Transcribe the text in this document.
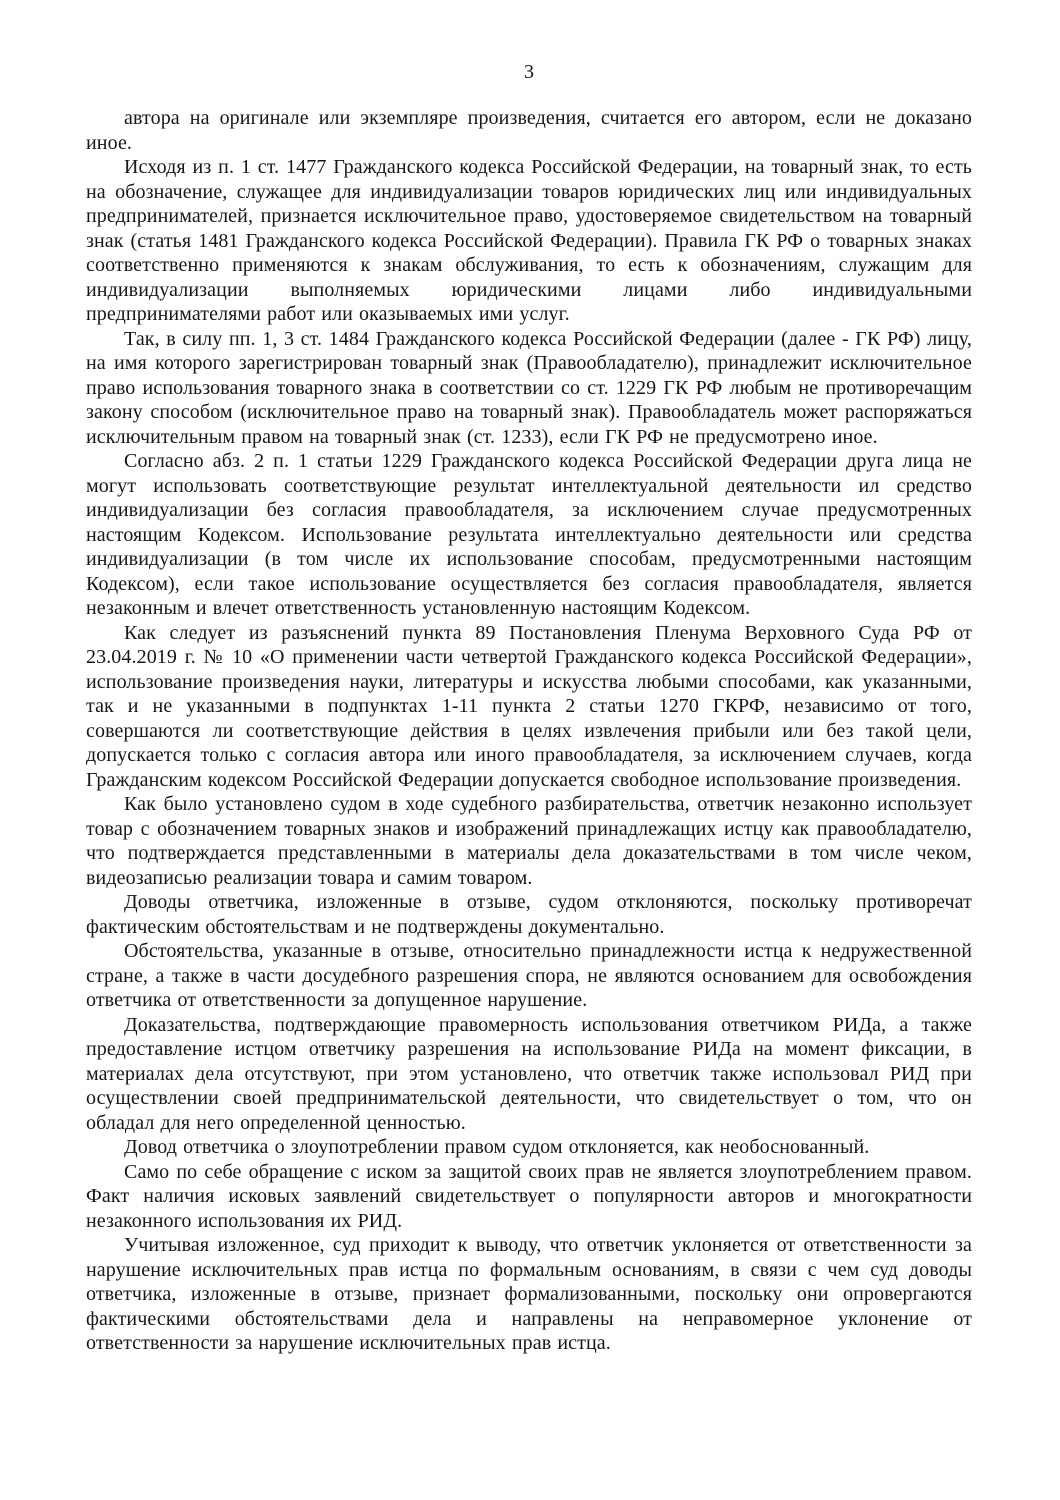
3

автора на оригинале или экземпляре произведения, считается его автором, если не доказано иное.

Исходя из п. 1 ст. 1477 Гражданского кодекса Российской Федерации, на товарный знак, то есть на обозначение, служащее для индивидуализации товаров юридических лиц или индивидуальных предпринимателей, признается исключительное право, удостоверяемое свидетельством на товарный знак (статья 1481 Гражданского кодекса Российской Федерации). Правила ГК РФ о товарных знаках соответственно применяются к знакам обслуживания, то есть к обозначениям, служащим для индивидуализации выполняемых юридическими лицами либо индивидуальными предпринимателями работ или оказываемых ими услуг.

Так, в силу пп. 1, 3 ст. 1484 Гражданского кодекса Российской Федерации (далее - ГК РФ) лицу, на имя которого зарегистрирован товарный знак (Правообладателю), принадлежит исключительное право использования товарного знака в соответствии со ст. 1229 ГК РФ любым не противоречащим закону способом (исключительное право на товарный знак). Правообладатель может распоряжаться исключительным правом на товарный знак (ст. 1233), если ГК РФ не предусмотрено иное.

Согласно абз. 2 п. 1 статьи 1229 Гражданского кодекса Российской Федерации друга лица не могут использовать соответствующие результат интеллектуальной деятельности ил средство индивидуализации без согласия правообладателя, за исключением случае предусмотренных настоящим Кодексом. Использование результата интеллектуально деятельности или средства индивидуализации (в том числе их использование способам, предусмотренными настоящим Кодексом), если такое использование осуществляется без согласия правообладателя, является незаконным и влечет ответственность установленную настоящим Кодексом.

Как следует из разъяснений пункта 89 Постановления Пленума Верховного Суда РФ от 23.04.2019 г. № 10 «О применении части четвертой Гражданского кодекса Российской Федерации», использование произведения науки, литературы и искусства любыми способами, как указанными, так и не указанными в подпунктах 1-11 пункта 2 статьи 1270 ГКРФ, независимо от того, совершаются ли соответствующие действия в целях извлечения прибыли или без такой цели, допускается только с согласия автора или иного правообладателя, за исключением случаев, когда Гражданским кодексом Российской Федерации допускается свободное использование произведения.

Как было установлено судом в ходе судебного разбирательства, ответчик незаконно использует товар с обозначением товарных знаков и изображений принадлежащих истцу как правообладателю, что подтверждается представленными в материалы дела доказательствами в том числе чеком, видеозаписью реализации товара и самим товаром.

Доводы ответчика, изложенные в отзыве, судом отклоняются, поскольку противоречат фактическим обстоятельствам и не подтверждены документально.

Обстоятельства, указанные в отзыве, относительно принадлежности истца к недружественной стране, а также в части досудебного разрешения спора, не являются основанием для освобождения ответчика от ответственности за допущенное нарушение.

Доказательства, подтверждающие правомерность использования ответчиком РИДа, а также предоставление истцом ответчику разрешения на использование РИДа на момент фиксации, в материалах дела отсутствуют, при этом установлено, что ответчик также использовал РИД при осуществлении своей предпринимательской деятельности, что свидетельствует о том, что он обладал для него определенной ценностью.

Довод ответчика о злоупотреблении правом судом отклоняется, как необоснованный.

Само по себе обращение с иском за защитой своих прав не является злоупотреблением правом. Факт наличия исковых заявлений свидетельствует о популярности авторов и многократности незаконного использования их РИД.

Учитывая изложенное, суд приходит к выводу, что ответчик уклоняется от ответственности за нарушение исключительных прав истца по формальным основаниям, в связи с чем суд доводы ответчика, изложенные в отзыве, признает формализованными, поскольку они опровергаются фактическими обстоятельствами дела и направлены на неправомерное уклонение от ответственности за нарушение исключительных прав истца.
